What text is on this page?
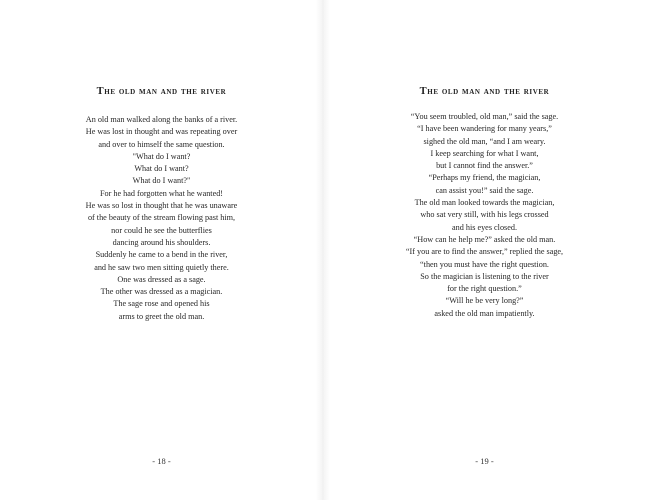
The old man and the river
An old man walked along the banks of a river.
He was lost in thought and was repeating over
and over to himself the same question.
"What do I want?
What do I want?
What do I want?"
For he had forgotten what he wanted!
He was so lost in thought that he was unaware
of the beauty of the stream flowing past him,
nor could he see the butterflies
dancing around his shoulders.
Suddenly he came to a bend in the river,
and he saw two men sitting quietly there.
One was dressed as a sage.
The other was dressed as a magician.
The sage rose and opened his
arms to greet the old man.
- 18 -
The old man and the river
“You seem troubled, old man,” said the sage.
“I have been wandering for many years,”
sighed the old man, “and I am weary.
I keep searching for what I want,
but I cannot find the answer.”
“Perhaps my friend, the magician,
can assist you!” said the sage.
The old man looked towards the magician,
who sat very still, with his legs crossed
and his eyes closed.
“How can he help me?” asked the old man.
“If you are to find the answer,” replied the sage,
“then you must have the right question.
So the magician is listening to the river
for the right question.”
“Will he be very long?”
asked the old man impatiently.
- 19 -
